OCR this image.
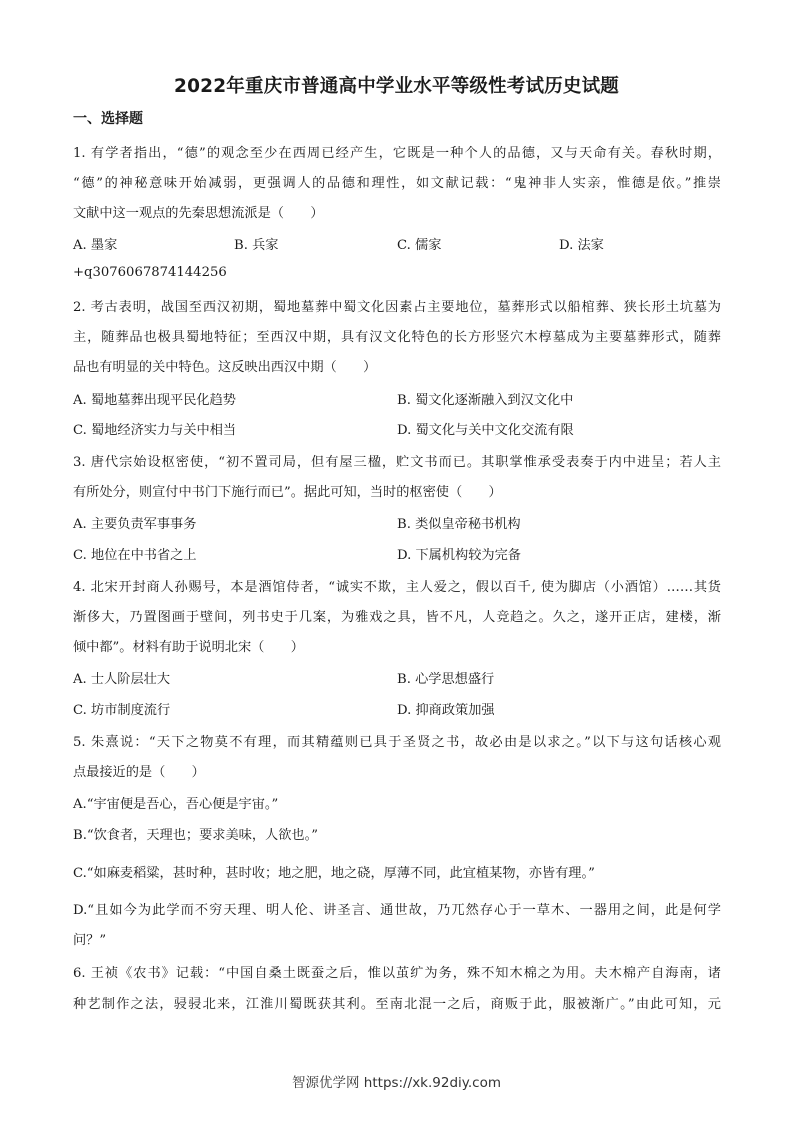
2022年重庆市普通高中学业水平等级性考试历史试题
一、选择题
1. 有学者指出，“德”的观念至少在西周已经产生，它既是一种个人的品德，又与天命有关。春秋时期，
“德”的神秘意味开始减弱，更强调人的品德和理性，如文献记载：“鬼神非人实亲，惟德是依。”推崇
文献中这一观点的先秦思想流派是（　　）
A. 墨家	B. 兵家	C. 儒家	D. 法家
+q3076067874144256
2. 考古表明，战国至西汉初期，蜀地墓葬中蜀文化因素占主要地位，墓葬形式以船棺葬、狭长形土坑墓为
主，随葬品也极具蜀地特征；至西汉中期，具有汉文化特色的长方形竖穴木椁墓成为主要墓葬形式，随葬
品也有明显的关中特色。这反映出西汉中期（　　）
A. 蜀地墓葬出现平民化趋势	B. 蜀文化逐渐融入到汉文化中
C. 蜀地经济实力与关中相当	D. 蜀文化与关中文化交流有限
3. 唐代宗始设枢密使，“初不置司局，但有屋三楹，贮文书而已。其职掌惟承受表奏于内中进呈；若人主
有所处分，则宣付中书门下施行而已”。据此可知，当时的枢密使（　　）
A. 主要负责军事事务	B. 类似皇帝秘书机构
C. 地位在中书省之上	D. 下属机构较为完备
4. 北宋开封商人孙赐号，本是酒馆侍者，“诚实不欺，主人爱之，假以百千, 使为脚店（小酒馆）……其货
渐侈大，乃置图画于壁间，列书史于几案，为雅戏之具，皆不凡，人竞趋之。久之，遂开正店，建楼，渐
倾中都”。材料有助于说明北宋（　　）
A. 士人阶层壮大	B. 心学思想盛行
C. 坊市制度流行	D. 抑商政策加强
5. 朱熹说：“天下之物莫不有理，而其精蕴则已具于圣贤之书，故必由是以求之。”以下与这句话核心观
点最接近的是（　　）
A.“宇宙便是吾心，吾心便是宇宙。”
B.“饮食者，天理也；要求美味，人欲也。”
C.“如麻麦稻粱，甚时种，甚时收；地之肥，地之硗，厚薄不同，此宜植某物，亦皆有理。”
D.“且如今为此学而不穷天理、明人伦、讲圣言、通世故，乃兀然存心于一草木、一器用之间，此是何学
问？”
6. 王祯《农书》记载：“中国自桑土既蚕之后，惟以茧纩为务，殊不知木棉之为用。夫木棉产自海南，诸
种艺制作之法，骎骎北来，江淮川蜀既获其利。至南北混一之后，商贩于此，服被渐广。”由此可知，元
智源优学网 https://xk.92diy.com
